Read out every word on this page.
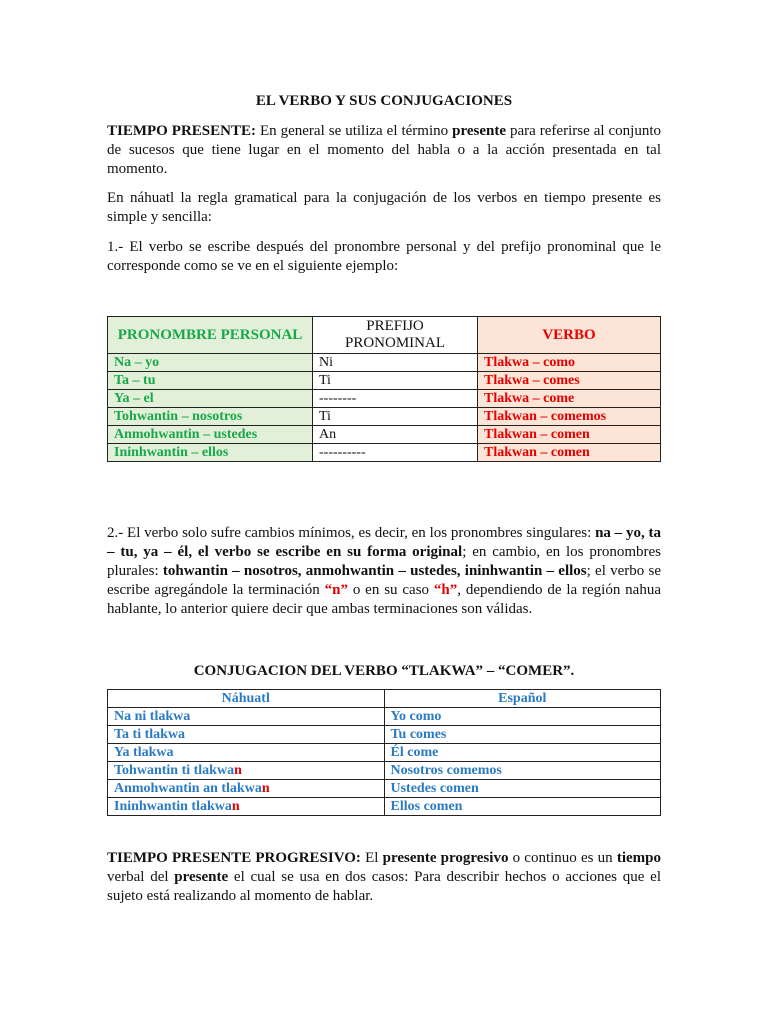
EL VERBO Y SUS CONJUGACIONES

TIEMPO PRESENTE: En general se utiliza el término presente para referirse al conjunto de sucesos que tiene lugar en el momento del habla o a la acción presentada en tal momento.

En náhuatl la regla gramatical para la conjugación de los verbos en tiempo presente es simple y sencilla:

1.- El verbo se escribe después del pronombre personal y del prefijo pronominal que le corresponde como se ve en el siguiente ejemplo:

PRONOMBRE PERSONAL	PREFIJO PRONOMINAL	VERBO
Na – yo	Ni	Tlakwa – como
Ta – tu	Ti	Tlakwa – comes
Ya – el	--------	Tlakwa – come
Tohwantin – nosotros	Ti	Tlakwan – comemos
Anmohwantin – ustedes	An	Tlakwan – comen
Ininhwantin – ellos	----------	Tlakwan – comen

2.- El verbo solo sufre cambios mínimos, es decir, en los pronombres singulares: na – yo, ta – tu, ya – él, el verbo se escribe en su forma original; en cambio, en los pronombres plurales: tohwantin – nosotros, anmohwantin – ustedes, ininhwantin – ellos; el verbo se escribe agregándole la terminación “n” o en su caso “h”, dependiendo de la región nahua hablante, lo anterior quiere decir que ambas terminaciones son válidas.

CONJUGACION DEL VERBO “TLAKWA” – “COMER”.
Náhuatl	Español
Na ni tlakwa	Yo como
Ta ti tlakwa	Tu comes
Ya tlakwa	Él come
Tohwantin ti tlakwan	Nosotros comemos
Anmohwantin an tlakwan	Ustedes comen
Ininhwantin tlakwan	Ellos comen

TIEMPO PRESENTE PROGRESIVO: El presente progresivo o continuo es un tiempo verbal del presente el cual se usa en dos casos: Para describir hechos o acciones que el sujeto está realizando al momento de hablar.
